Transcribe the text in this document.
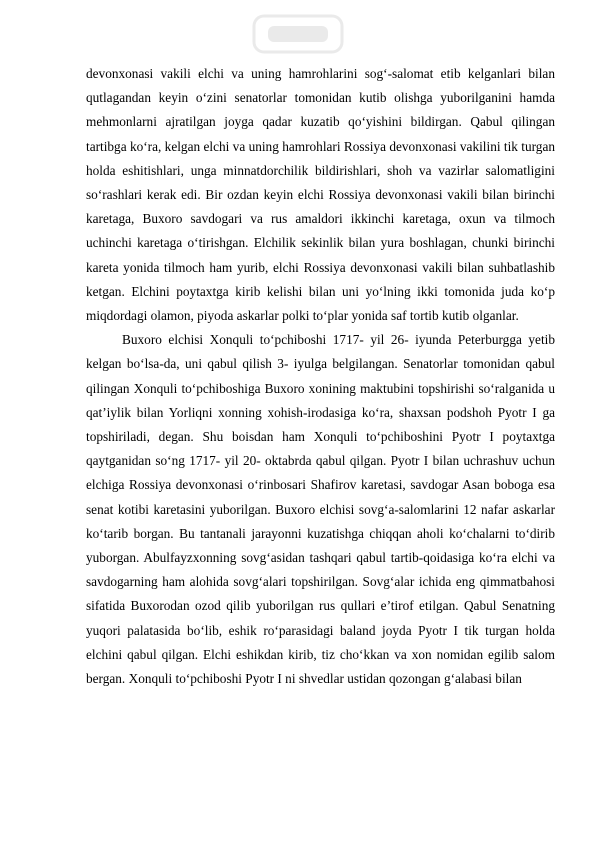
devonxonasi vakili elchi va uning hamrohlarini sog‘-salomat etib kelganlari bilan qutlagandan keyin o‘zini senatorlar tomonidan kutib olishga yuborilganini hamda mehmonlarni ajratilgan joyga qadar kuzatib qo‘yishini bildirgan. Qabul qilingan tartibga ko‘ra, kelgan elchi va uning hamrohlari Rossiya devonxonasi vakilini tik turgan holda eshitishlari, unga minnatdorchilik bildirishlari, shoh va vazirlar salomatligini so‘rashlari kerak edi. Bir ozdan keyin elchi Rossiya devonxonasi vakili bilan birinchi karetaga, Buxoro savdogari va rus amaldori ikkinchi karetaga, oxun va tilmoch uchinchi karetaga o‘tirishgan. Elchilik sekinlik bilan yura boshlagan, chunki birinchi kareta yonida tilmoch ham yurib, elchi Rossiya devonxonasi vakili bilan suhbatlashib ketgan. Elchini poytaxtga kirib kelishi bilan uni yo‘lning ikki tomonida juda ko‘p miqdordagi olamon, piyoda askarlar polki to‘plar yonida saf tortib kutib olganlar.

Buxoro elchisi Xonquli to‘pchiboshi 1717- yil 26- iyunda Peterburgga yetib kelgan bo‘lsa-da, uni qabul qilish 3- iyulga belgilangan. Senatorlar tomonidan qabul qilingan Xonquli to‘pchiboshiga Buxoro xonining maktubini topshirishi so‘ralganida u qat’iylik bilan Yorliqni xonning xohish-irodasiga ko‘ra, shaxsan podshoh Pyotr I ga topshiriladi, degan. Shu boisdan ham Xonquli to‘pchiboshini Pyotr I poytaxtga qaytganidan so‘ng 1717- yil 20- oktabrda qabul qilgan. Pyotr I bilan uchrashuv uchun elchiga Rossiya devonxonasi o‘rinbosari Shafirov karetasi, savdogar Asan boboga esa senat kotibi karetasini yuborilgan. Buxoro elchisi sovg‘a-salomlarini 12 nafar askarlar ko‘tarib borgan. Bu tantanali jarayonni kuzatishga chiqqan aholi ko‘chalarni to‘dirib yuborgan. Abulfayzxonning sovg‘asidan tashqari qabul tartib-qoidasiga ko‘ra elchi va savdogarning ham alohida sovg‘alari topshirilgan. Sovg‘alar ichida eng qimmatbahosi sifatida Buxorodan ozod qilib yuborilgan rus qullari e’tirof etilgan. Qabul Senatning yuqori palatasida bo‘lib, eshik ro‘parasidagi baland joyda Pyotr I tik turgan holda elchini qabul qilgan. Elchi eshikdan kirib, tiz cho‘kkan va xon nomidan egilib salom bergan. Xonquli to‘pchiboshi Pyotr I ni shvedlar ustidan qozongan g‘alabasi bilan
